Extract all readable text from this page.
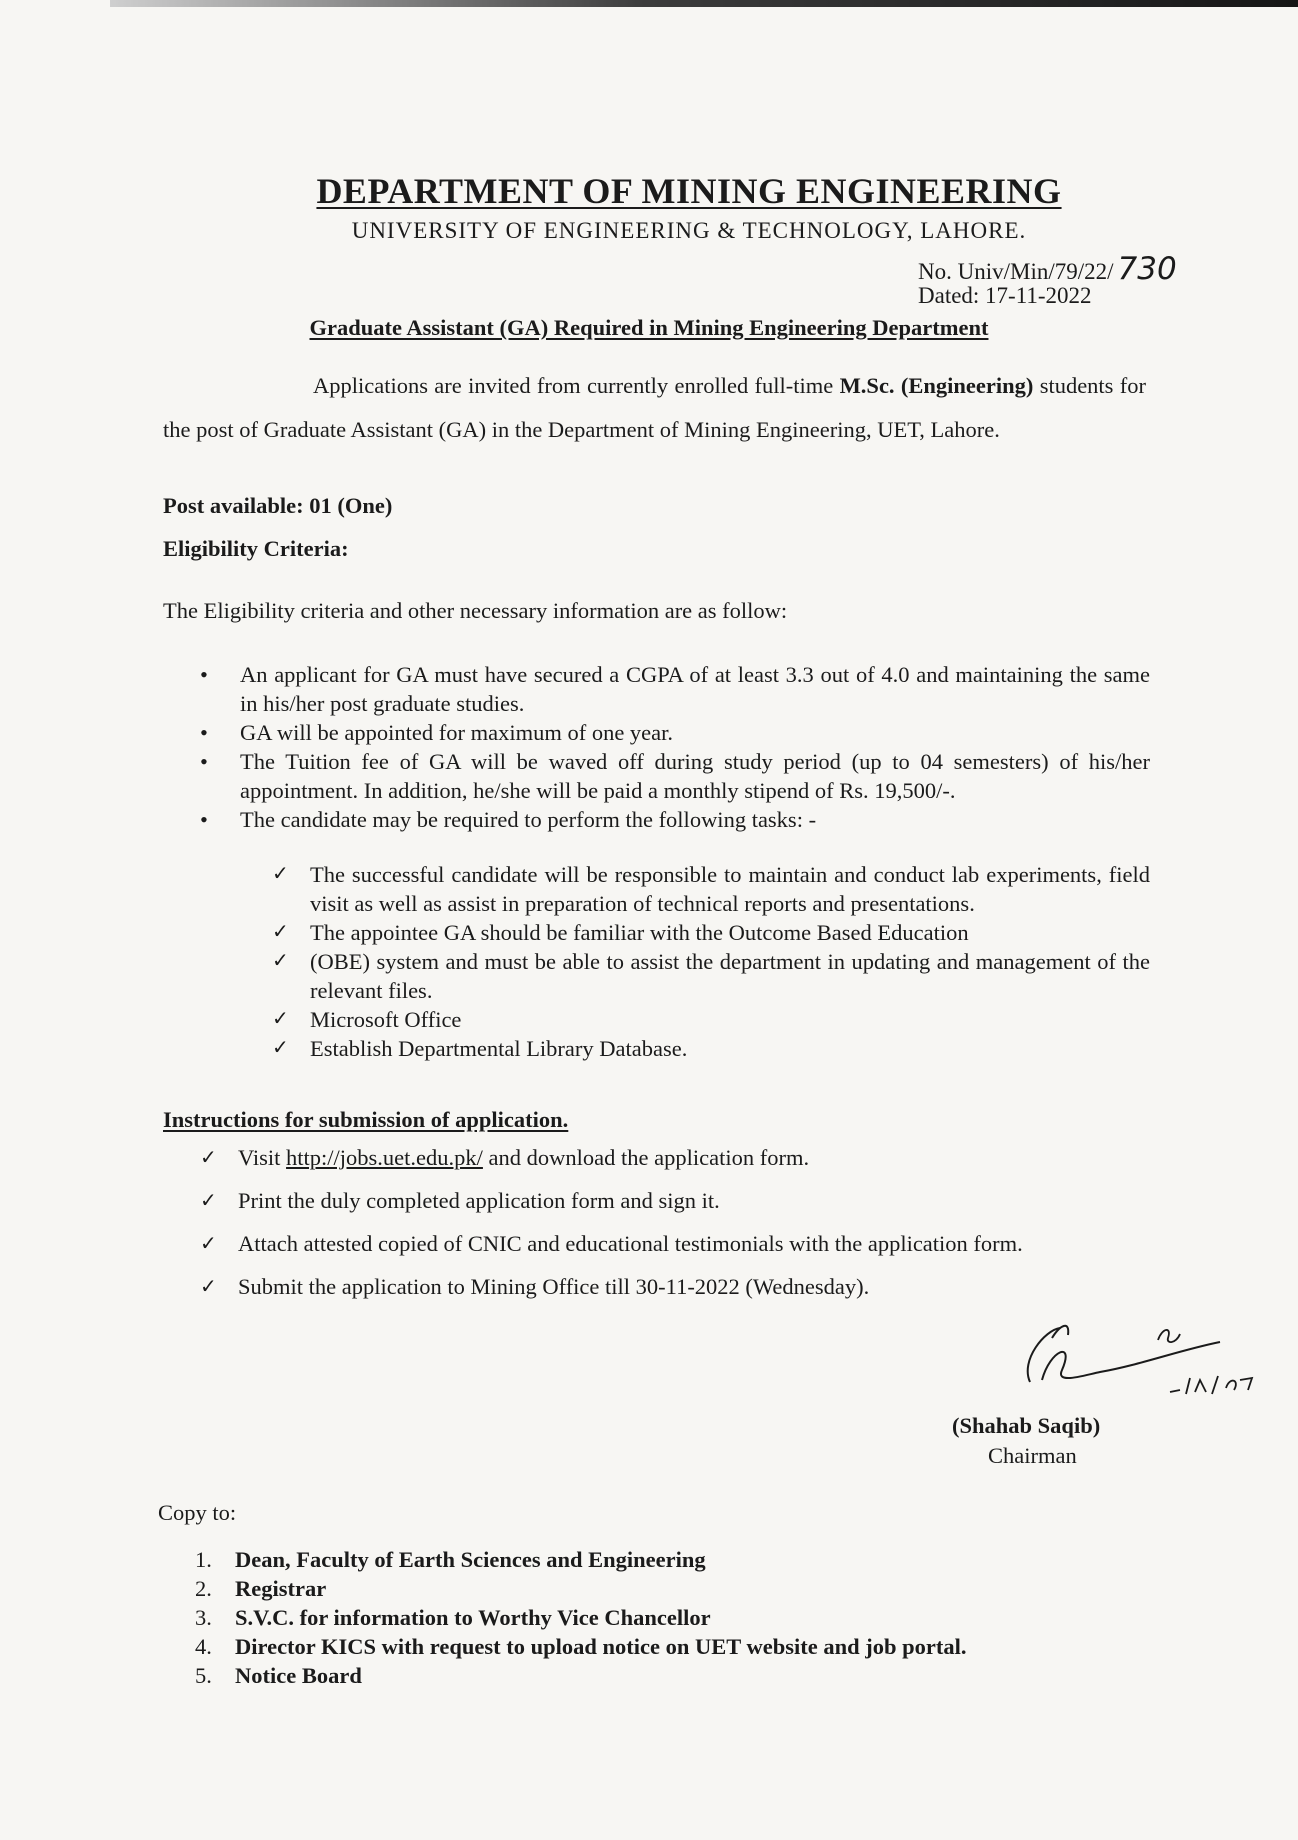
DEPARTMENT OF MINING ENGINEERING
UNIVERSITY OF ENGINEERING & TECHNOLOGY, LAHORE.
No. Univ/Min/79/22/ 730
Dated: 17-11-2022
Graduate Assistant (GA) Required in Mining Engineering Department

Applications are invited from currently enrolled full-time M.Sc. (Engineering) students for the post of Graduate Assistant (GA) in the Department of Mining Engineering, UET, Lahore.

Post available: 01 (One)
Eligibility Criteria:
The Eligibility criteria and other necessary information are as follow:
• An applicant for GA must have secured a CGPA of at least 3.3 out of 4.0 and maintaining the same in his/her post graduate studies.
• GA will be appointed for maximum of one year.
• The Tuition fee of GA will be waved off during study period (up to 04 semesters) of his/her appointment. In addition, he/she will be paid a monthly stipend of Rs. 19,500/-.
• The candidate may be required to perform the following tasks: -
✓ The successful candidate will be responsible to maintain and conduct lab experiments, field visit as well as assist in preparation of technical reports and presentations.
✓ The appointee GA should be familiar with the Outcome Based Education
✓ (OBE) system and must be able to assist the department in updating and management of the relevant files.
✓ Microsoft Office
✓ Establish Departmental Library Database.
Instructions for submission of application.
✓ Visit http://jobs.uet.edu.pk/ and download the application form.
✓ Print the duly completed application form and sign it.
✓ Attach attested copied of CNIC and educational testimonials with the application form.
✓ Submit the application to Mining Office till 30-11-2022 (Wednesday).
(Shahab Saqib)
Chairman
Copy to:
1. Dean, Faculty of Earth Sciences and Engineering
2. Registrar
3. S.V.C. for information to Worthy Vice Chancellor
4. Director KICS with request to upload notice on UET website and job portal.
5. Notice Board
